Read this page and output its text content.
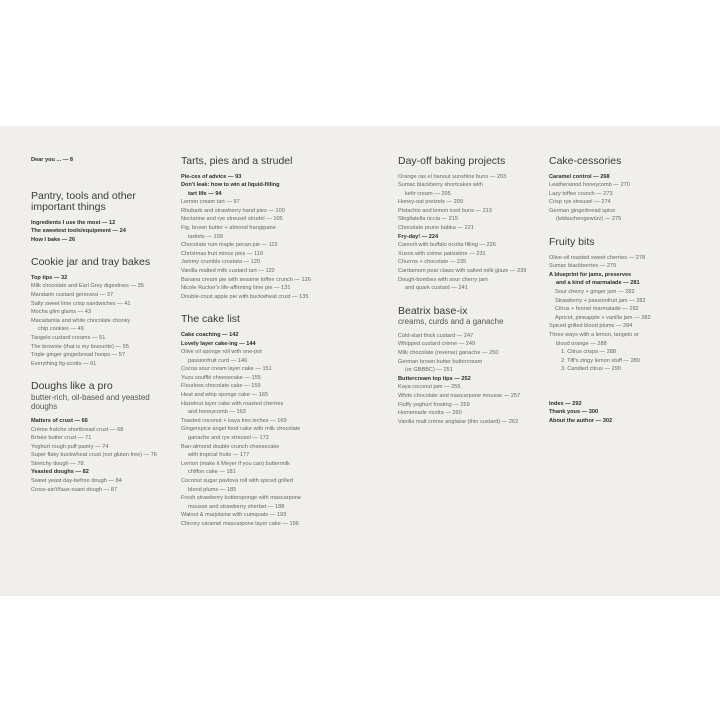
Dear you ... — 8
Pantry, tools and other important things
Ingredients I use the most — 12
The sweetest tools/equipment — 24
How I bake — 26
Cookie jar and tray bakes
Top tips — 32
Milk chocolate and Earl Grey digestives — 35
Mandarin custard genovesi — 37
Salty sweet lime crisp sandwiches — 41
Mocha glim glams — 43
Macadamia and white chocolate chonky
chip cookies — 49
Tangelo custard creams — 51
The brownie (that is my favourite) — 55
Triple ginger gingerbread hoops — 57
Everything fig-scotts — 61
Doughs like a pro
butter-rich, oil-based and yeasted doughs
Matters of crust — 66
Crème fraîche shortbread crust — 68
Brisée butter crust — 71
Yoghurt rough puff pastry — 74
Super flaky buckwheat crust (not gluten free) — 76
Stretchy dough — 78
Yeasted doughs — 82
Sweet yeast day-before dough — 84
Cross-ain't/faux-ssant dough — 87
Tarts, pies and a strudel
Pie-ces of advice — 93
Don't leak: how to win at liquid-filling
tart life — 94
Lemon cream tart — 97
Rhubarb and strawberry hand pies — 100
Nectarine and rye streusel strudel — 105
Fig, brown butter + almond frangipane
tartlets — 109
Chocolate rum maple pecan pie — 115
Christmas fruit mince pies — 119
Jammy crumble crostata — 120
Vanilla malted milk custard tart — 122
Banana cream pie with sesame toffee crunch — 126
Nicole Rucker's life-affirming lime pie — 131
Double-crust apple pie with buckwheat crust — 135
The cake list
Cake coaching — 142
Lovely layer cake-ing — 144
Olive oil sponge roll with one-pot
passionfruit curd — 146
Cocoa sour cream layer cake — 151
Yuzu soufflé cheesecake — 155
Flourless chocolate cake — 159
Heat and whip sponge cake — 165
Hazelnut layer cake with roasted cherries
and honeycomb — 163
Toasted coconut + kaya tres leches — 169
Gingerspice angel food cake with milk chocolate
ganache and rye streusel — 172
Ban-almond double crunch cheesecake
with tropical fruits — 177
Lemon (make it Meyer if you can) buttermilk
chiffon cake — 181
Coconut sugar pavlova roll with spiced grilled
blood plums — 185
Fresh strawberry buttersponge with mascarpone
mousse and strawberry sherbet — 188
Walnut & marjolaine with cumquats — 193
Chicory caramel mascarpone layer cake — 196
Day-off baking projects
Orange ras el hanout sunshine buns — 203
Sumac blackberry shortcakes with
kefir cream — 205
Honey-oat pretzels — 209
Pistachio and lemon iced buns — 213
Sfogliatella riccia — 215
Chocolate prune babka — 221
Fry-day! — 224
Cannoli with buffalo ricotta filling — 226
Xuxos with crème patissière — 231
Churros + chocolate — 235
Cardamom pear claws with salted milk glaze — 239
Dough-bombes with sour cherry jam
and quark custard — 241
Beatrix base-ix
creams, curds and a ganache
Cold-start thick custard — 247
Whipped custard crème — 249
Milk chocolate (reverse) ganache — 250
German brown butter buttercream
(or GBBBC) — 251
Buttercream top tips — 252
Kaya coconut jam — 255
White chocolate and mascarpone mousse — 257
Fluffy yoghurt frosting — 259
Homemade ricotta — 260
Vanilla malt crème anglaise (thin custard) — 262
Cake-cessories
Caramel control — 268
Leatherwood honeycomb — 270
Lazy toffee crunch — 273
Crisp rye streusel — 274
German gingerbread spice
(lebkuchengewürz) — 275
Fruity bits
Olive-oil roasted sweet cherries — 278
Sumac blackberries — 279
A blueprint for jams, preserves
and a kind of marmalade — 281
Sour cherry + ginger jam — 282
Strawberry + passionfruit jam — 282
Citrus + fennel marmalade — 282
Apricot, pineapple + vanilla jam — 282
Spiced grilled blood plums — 284
Three ways with a lemon, tangelo or
blood orange — 288
1. Citrus crisps — 288
2. Tiff's zingy lemon stuff — 289
3. Candied citrus — 290
Index — 292
Thank yous — 300
About the author — 302
